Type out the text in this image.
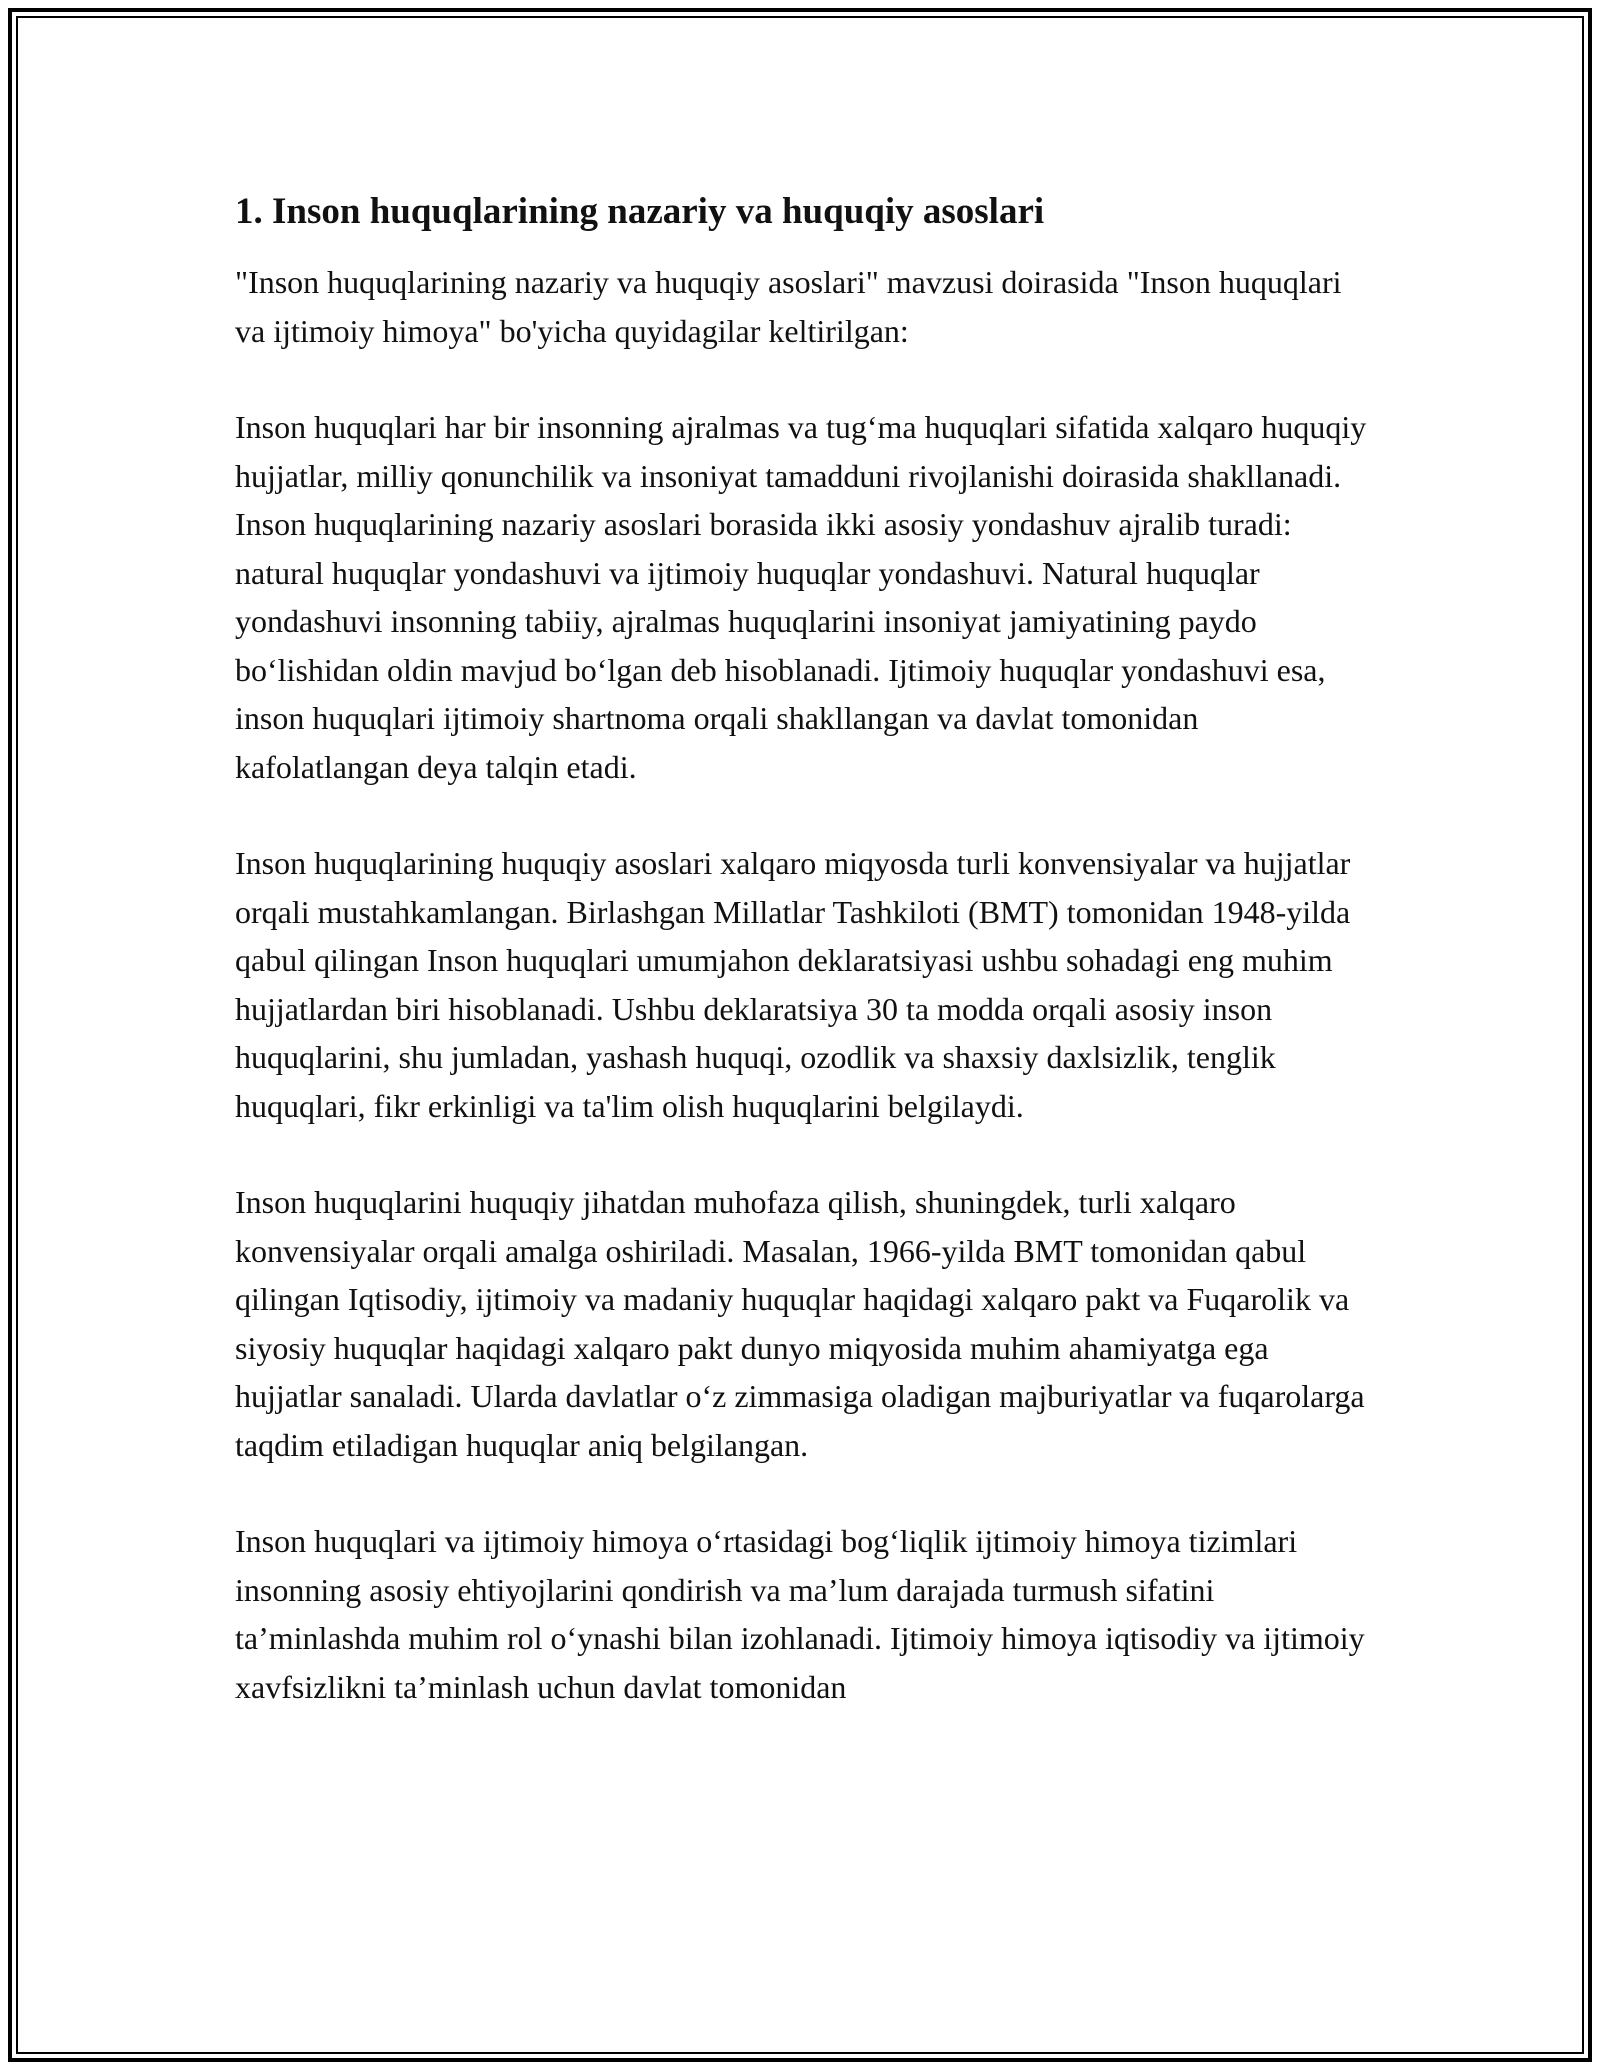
1. Inson huquqlarining nazariy va huquqiy asoslari

"Inson huquqlarining nazariy va huquqiy asoslari" mavzusi doirasida "Inson huquqlari va ijtimoiy himoya" bo'yicha quyidagilar keltirilgan:

Inson huquqlari har bir insonning ajralmas va tug‘ma huquqlari sifatida xalqaro huquqiy hujjatlar, milliy qonunchilik va insoniyat tamadduni rivojlanishi doirasida shakllanadi. Inson huquqlarining nazariy asoslari borasida ikki asosiy yondashuv ajralib turadi: natural huquqlar yondashuvi va ijtimoiy huquqlar yondashuvi. Natural huquqlar yondashuvi insonning tabiiy, ajralmas huquqlarini insoniyat jamiyatining paydo bo‘lishidan oldin mavjud bo‘lgan deb hisoblanadi. Ijtimoiy huquqlar yondashuvi esa, inson huquqlari ijtimoiy shartnoma orqali shakllangan va davlat tomonidan kafolatlangan deya talqin etadi.

Inson huquqlarining huquqiy asoslari xalqaro miqyosda turli konvensiyalar va hujjatlar orqali mustahkamlangan. Birlashgan Millatlar Tashkiloti (BMT) tomonidan 1948-yilda qabul qilingan Inson huquqlari umumjahon deklaratsiyasi ushbu sohadagi eng muhim hujjatlardan biri hisoblanadi. Ushbu deklaratsiya 30 ta modda orqali asosiy inson huquqlarini, shu jumladan, yashash huquqi, ozodlik va shaxsiy daxlsizlik, tenglik huquqlari, fikr erkinligi va ta'lim olish huquqlarini belgilaydi.

Inson huquqlarini huquqiy jihatdan muhofaza qilish, shuningdek, turli xalqaro konvensiyalar orqali amalga oshiriladi. Masalan, 1966-yilda BMT tomonidan qabul qilingan Iqtisodiy, ijtimoiy va madaniy huquqlar haqidagi xalqaro pakt va Fuqarolik va siyosiy huquqlar haqidagi xalqaro pakt dunyo miqyosida muhim ahamiyatga ega hujjatlar sanaladi. Ularda davlatlar o‘z zimmasiga oladigan majburiyatlar va fuqarolarga taqdim etiladigan huquqlar aniq belgilangan.

Inson huquqlari va ijtimoiy himoya o‘rtasidagi bog‘liqlik ijtimoiy himoya tizimlari insonning asosiy ehtiyojlarini qondirish va ma’lum darajada turmush sifatini ta’minlashda muhim rol o‘ynashi bilan izohlanadi. Ijtimoiy himoya iqtisodiy va ijtimoiy xavfsizlikni ta’minlash uchun davlat tomonidan
